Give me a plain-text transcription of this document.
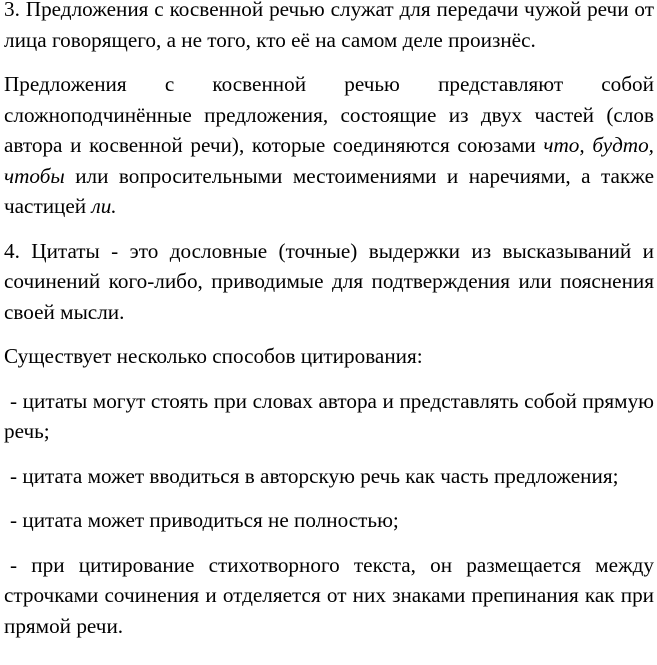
3. Предложения с косвенной речью служат для передачи чужой речи от лица говорящего, а не того, кто её на самом деле произнёс.

Предложения с косвенной речью представляют собой сложноподчинённые предложения, состоящие из двух частей (слов автора и косвенной речи), которые соединяются союзами что, будто, чтобы или вопросительными местоимениями и наречиями, а также частицей ли.

4. Цитаты - это дословные (точные) выдержки из высказываний и сочинений кого-либо, приводимые для подтверждения или пояснения своей мысли.

Существует несколько способов цитирования:

- цитаты могут стоять при словах автора и представлять собой прямую речь;

- цитата может вводиться в авторскую речь как часть предложения;

- цитата может приводиться не полностью;

- при цитирование стихотворного текста, он размещается между строчками сочинения и отделяется от них знаками препинания как при прямой речи.
